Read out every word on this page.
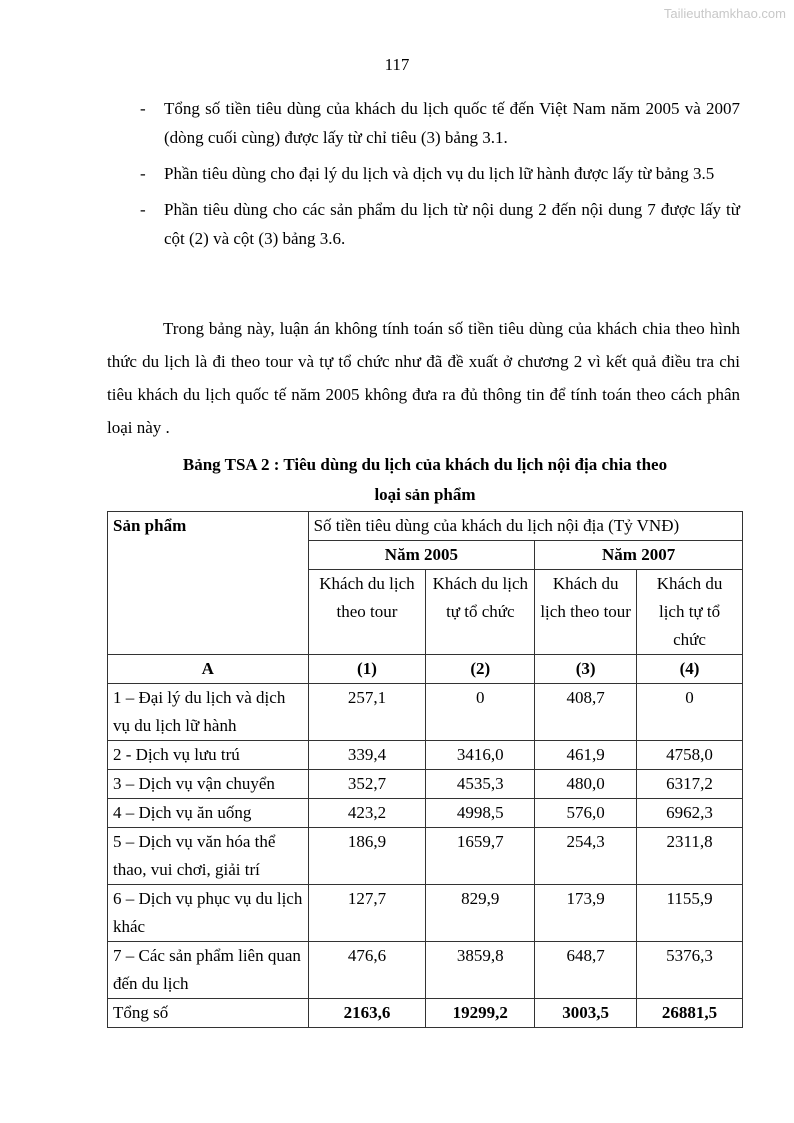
Tailieuthamkhao.com
117
-	Tổng số tiền tiêu dùng của khách du lịch quốc tế đến Việt Nam năm 2005 và 2007 (dòng cuối cùng) được lấy từ chỉ tiêu (3) bảng 3.1.
-	Phần tiêu dùng cho đại lý du lịch và dịch vụ du lịch lữ hành được lấy từ bảng 3.5
-	Phần tiêu dùng cho các sản phẩm du lịch từ nội dung 2 đến nội dung 7 được lấy từ cột (2) và cột (3) bảng 3.6.

Trong bảng này, luận án không tính toán số tiền tiêu dùng của khách chia theo hình thức du lịch là đi theo tour và tự tổ chức như đã đề xuất ở chương 2 vì kết quả điều tra chi tiêu khách du lịch quốc tế năm 2005 không đưa ra đủ thông tin để tính toán theo cách phân loại này .

Bảng TSA 2 : Tiêu dùng du lịch của khách du lịch nội địa chia theo
loại sản phẩm
Sản phẩm	Số tiền tiêu dùng của khách du lịch nội địa (Tỷ VNĐ)			
	Năm 2005		Năm 2007	
	Khách du lịch theo tour	Khách du lịch tự tổ chức	Khách du lịch theo tour	Khách du lịch tự tổ chức
A	(1)	(2)	(3)	(4)
1 – Đại lý du lịch và dịch vụ du lịch lữ hành	257,1	0	408,7	0
2 - Dịch vụ lưu trú	339,4	3416,0	461,9	4758,0
3 – Dịch vụ vận chuyển	352,7	4535,3	480,0	6317,2
4 – Dịch vụ ăn uống	423,2	4998,5	576,0	6962,3
5 – Dịch vụ văn hóa thể thao, vui chơi, giải trí	186,9	1659,7	254,3	2311,8
6 – Dịch vụ phục vụ du lịch khác	127,7	829,9	173,9	1155,9
7 – Các sản phẩm liên quan đến du lịch	476,6	3859,8	648,7	5376,3
Tổng số	2163,6	19299,2	3003,5	26881,5
